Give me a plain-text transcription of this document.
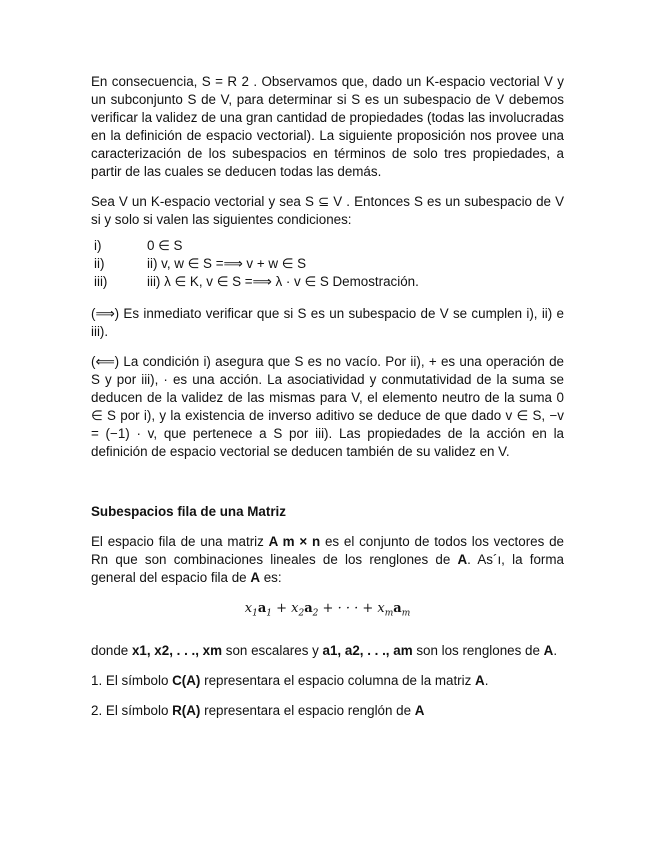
En consecuencia, S = R 2 . Observamos que, dado un K-espacio vectorial V y un subconjunto S de V, para determinar si S es un subespacio de V debemos verificar la validez de una gran cantidad de propiedades (todas las involucradas en la definición de espacio vectorial). La siguiente proposición nos provee una caracterización de los subespacios en términos de solo tres propiedades, a partir de las cuales se deducen todas las demás.

Sea V un K-espacio vectorial y sea S ⊆ V . Entonces S es un subespacio de V si y solo si valen las siguientes condiciones:

i)	0 ∈ S
ii)	ii) v, w ∈ S =⟹ v + w ∈ S
iii)	iii) λ ∈ K, v ∈ S =⟹ λ · v ∈ S Demostración.

(⟹) Es inmediato verificar que si S es un subespacio de V se cumplen i), ii) e iii).

(⟸) La condición i) asegura que S es no vacío. Por ii), + es una operación de S y por iii), · es una acción. La asociatividad y conmutatividad de la suma se deducen de la validez de las mismas para V, el elemento neutro de la suma 0 ∈ S por i), y la existencia de inverso aditivo se deduce de que dado v ∈ S, −v = (−1) · v, que pertenece a S por iii). Las propiedades de la acción en la definición de espacio vectorial se deducen también de su validez en V.

Subespacios fila de una Matriz

El espacio fila de una matriz A m × n es el conjunto de todos los vectores de Rn que son combinaciones lineales de los renglones de A. As´ı, la forma general del espacio fila de A es:

$x_1a_1 + x_2a_2$ + · · · + $x_ma_m$

donde x1, x2, . . ., xm son escalares y a1, a2, . . ., am son los renglones de A.

1. El símbolo C(A) representara el espacio columna de la matriz A.

2. El símbolo R(A) representara el espacio renglón de A
